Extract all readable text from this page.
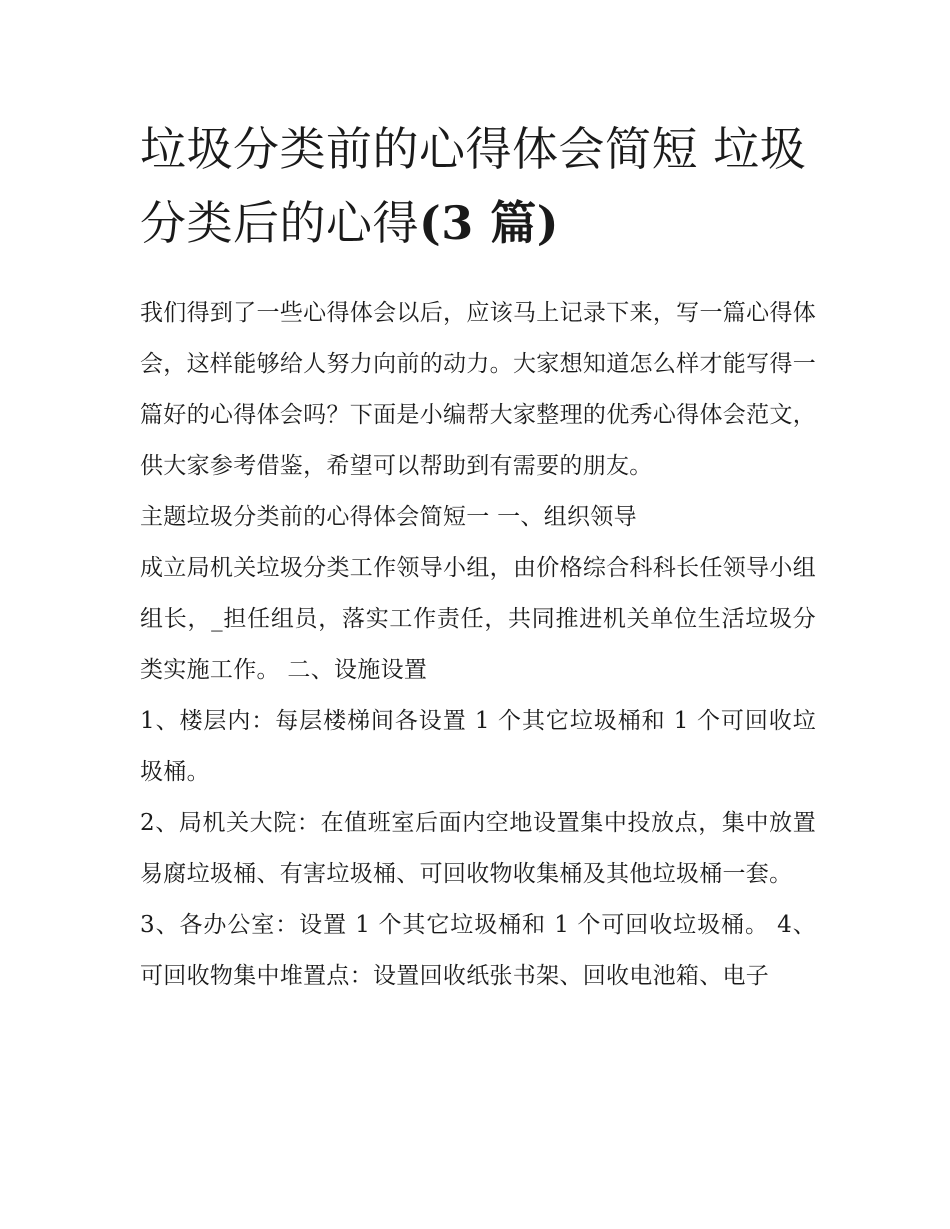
垃圾分类前的心得体会简短 垃圾分类后的心得(3 篇)

我们得到了一些心得体会以后，应该马上记录下来，写一篇心得体会，这样能够给人努力向前的动力。大家想知道怎么样才能写得一篇好的心得体会吗？下面是小编帮大家整理的优秀心得体会范文，供大家参考借鉴，希望可以帮助到有需要的朋友。

主题垃圾分类前的心得体会简短一 一、组织领导

成立局机关垃圾分类工作领导小组，由价格综合科科长任领导小组组长，_担任组员，落实工作责任，共同推进机关单位生活垃圾分类实施工作。 二、设施设置

1、楼层内：每层楼梯间各设置 1 个其它垃圾桶和 1 个可回收垃圾桶。

2、局机关大院：在值班室后面内空地设置集中投放点，集中放置易腐垃圾桶、有害垃圾桶、可回收物收集桶及其他垃圾桶一套。

3、各办公室：设置 1 个其它垃圾桶和 1 个可回收垃圾桶。 4、可回收物集中堆置点：设置回收纸张书架、回收电池箱、电子
